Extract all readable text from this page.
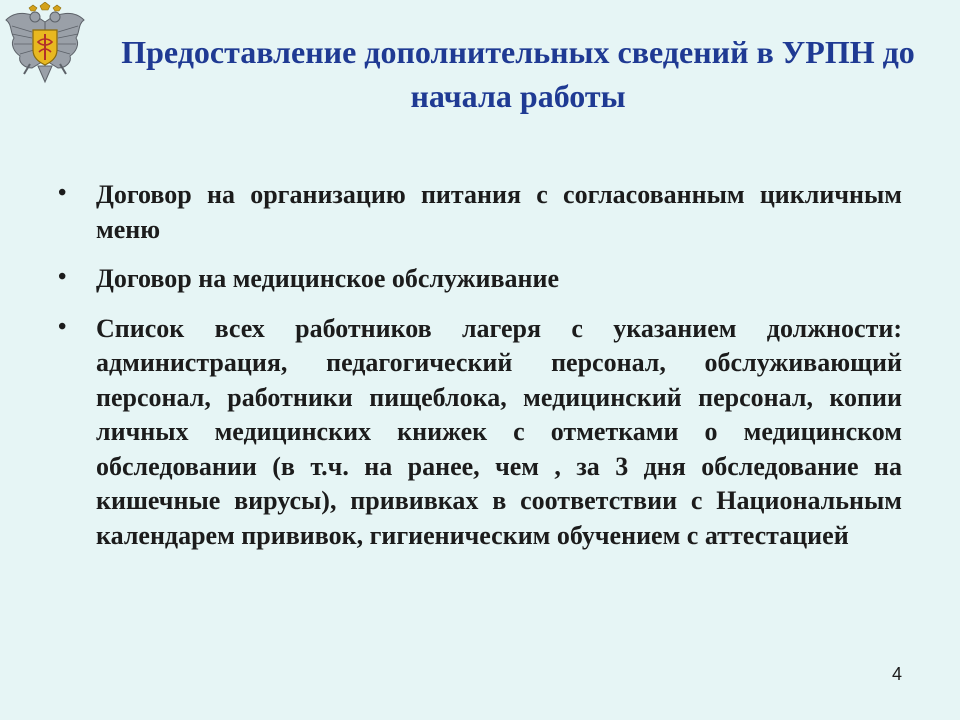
Предоставление дополнительных сведений в УРПН до начала работы
• Договор на организацию питания с согласованным цикличным меню
• Договор на медицинское обслуживание
• Список всех работников лагеря с указанием должности: администрация, педагогический персонал, обслуживающий персонал, работники пищеблока, медицинский персонал, копии личных медицинских книжек с отметками о медицинском обследовании (в т.ч. на ранее, чем , за 3 дня обследование на кишечные вирусы), прививках в соответствии с Национальным календарем прививок, гигиеническим обучением с аттестацией
4
